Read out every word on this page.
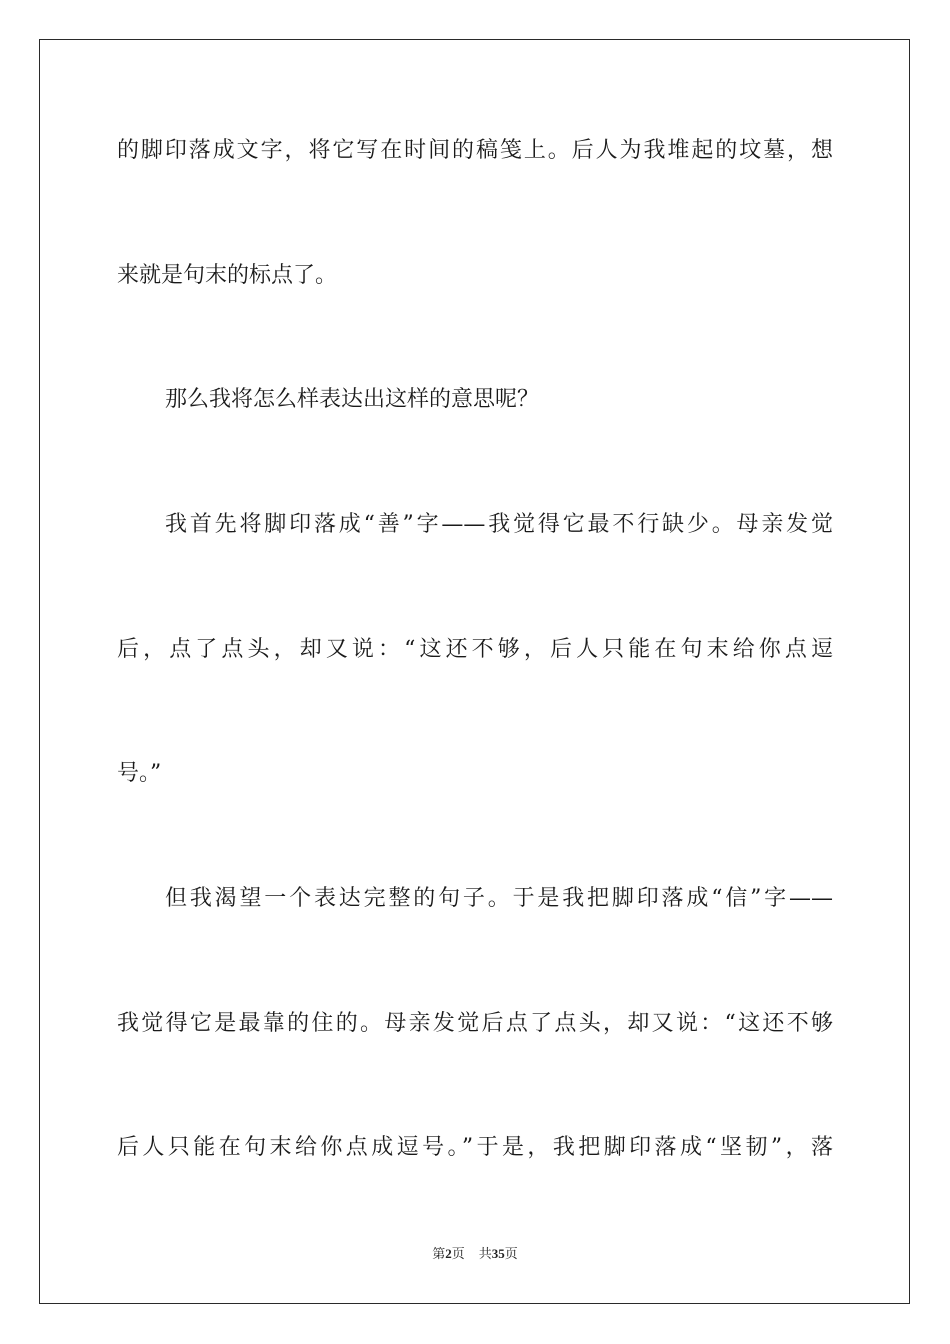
的脚印落成文字，将它写在时间的稿笺上。后人为我堆起的坟墓，想
来就是句末的标点了。
那么我将怎么样表达出这样的意思呢？
我首先将脚印落成“善”字——我觉得它最不行缺少。母亲发觉
后，点了点头，却又说：“这还不够，后人只能在句末给你点逗
号。”
但我渴望一个表达完整的句子。于是我把脚印落成“信”字——
我觉得它是最靠的住的。母亲发觉后点了点头，却又说：“这还不够
后人只能在句末给你点成逗号。”于是，我把脚印落成“坚韧”，落
第2页 共35页
